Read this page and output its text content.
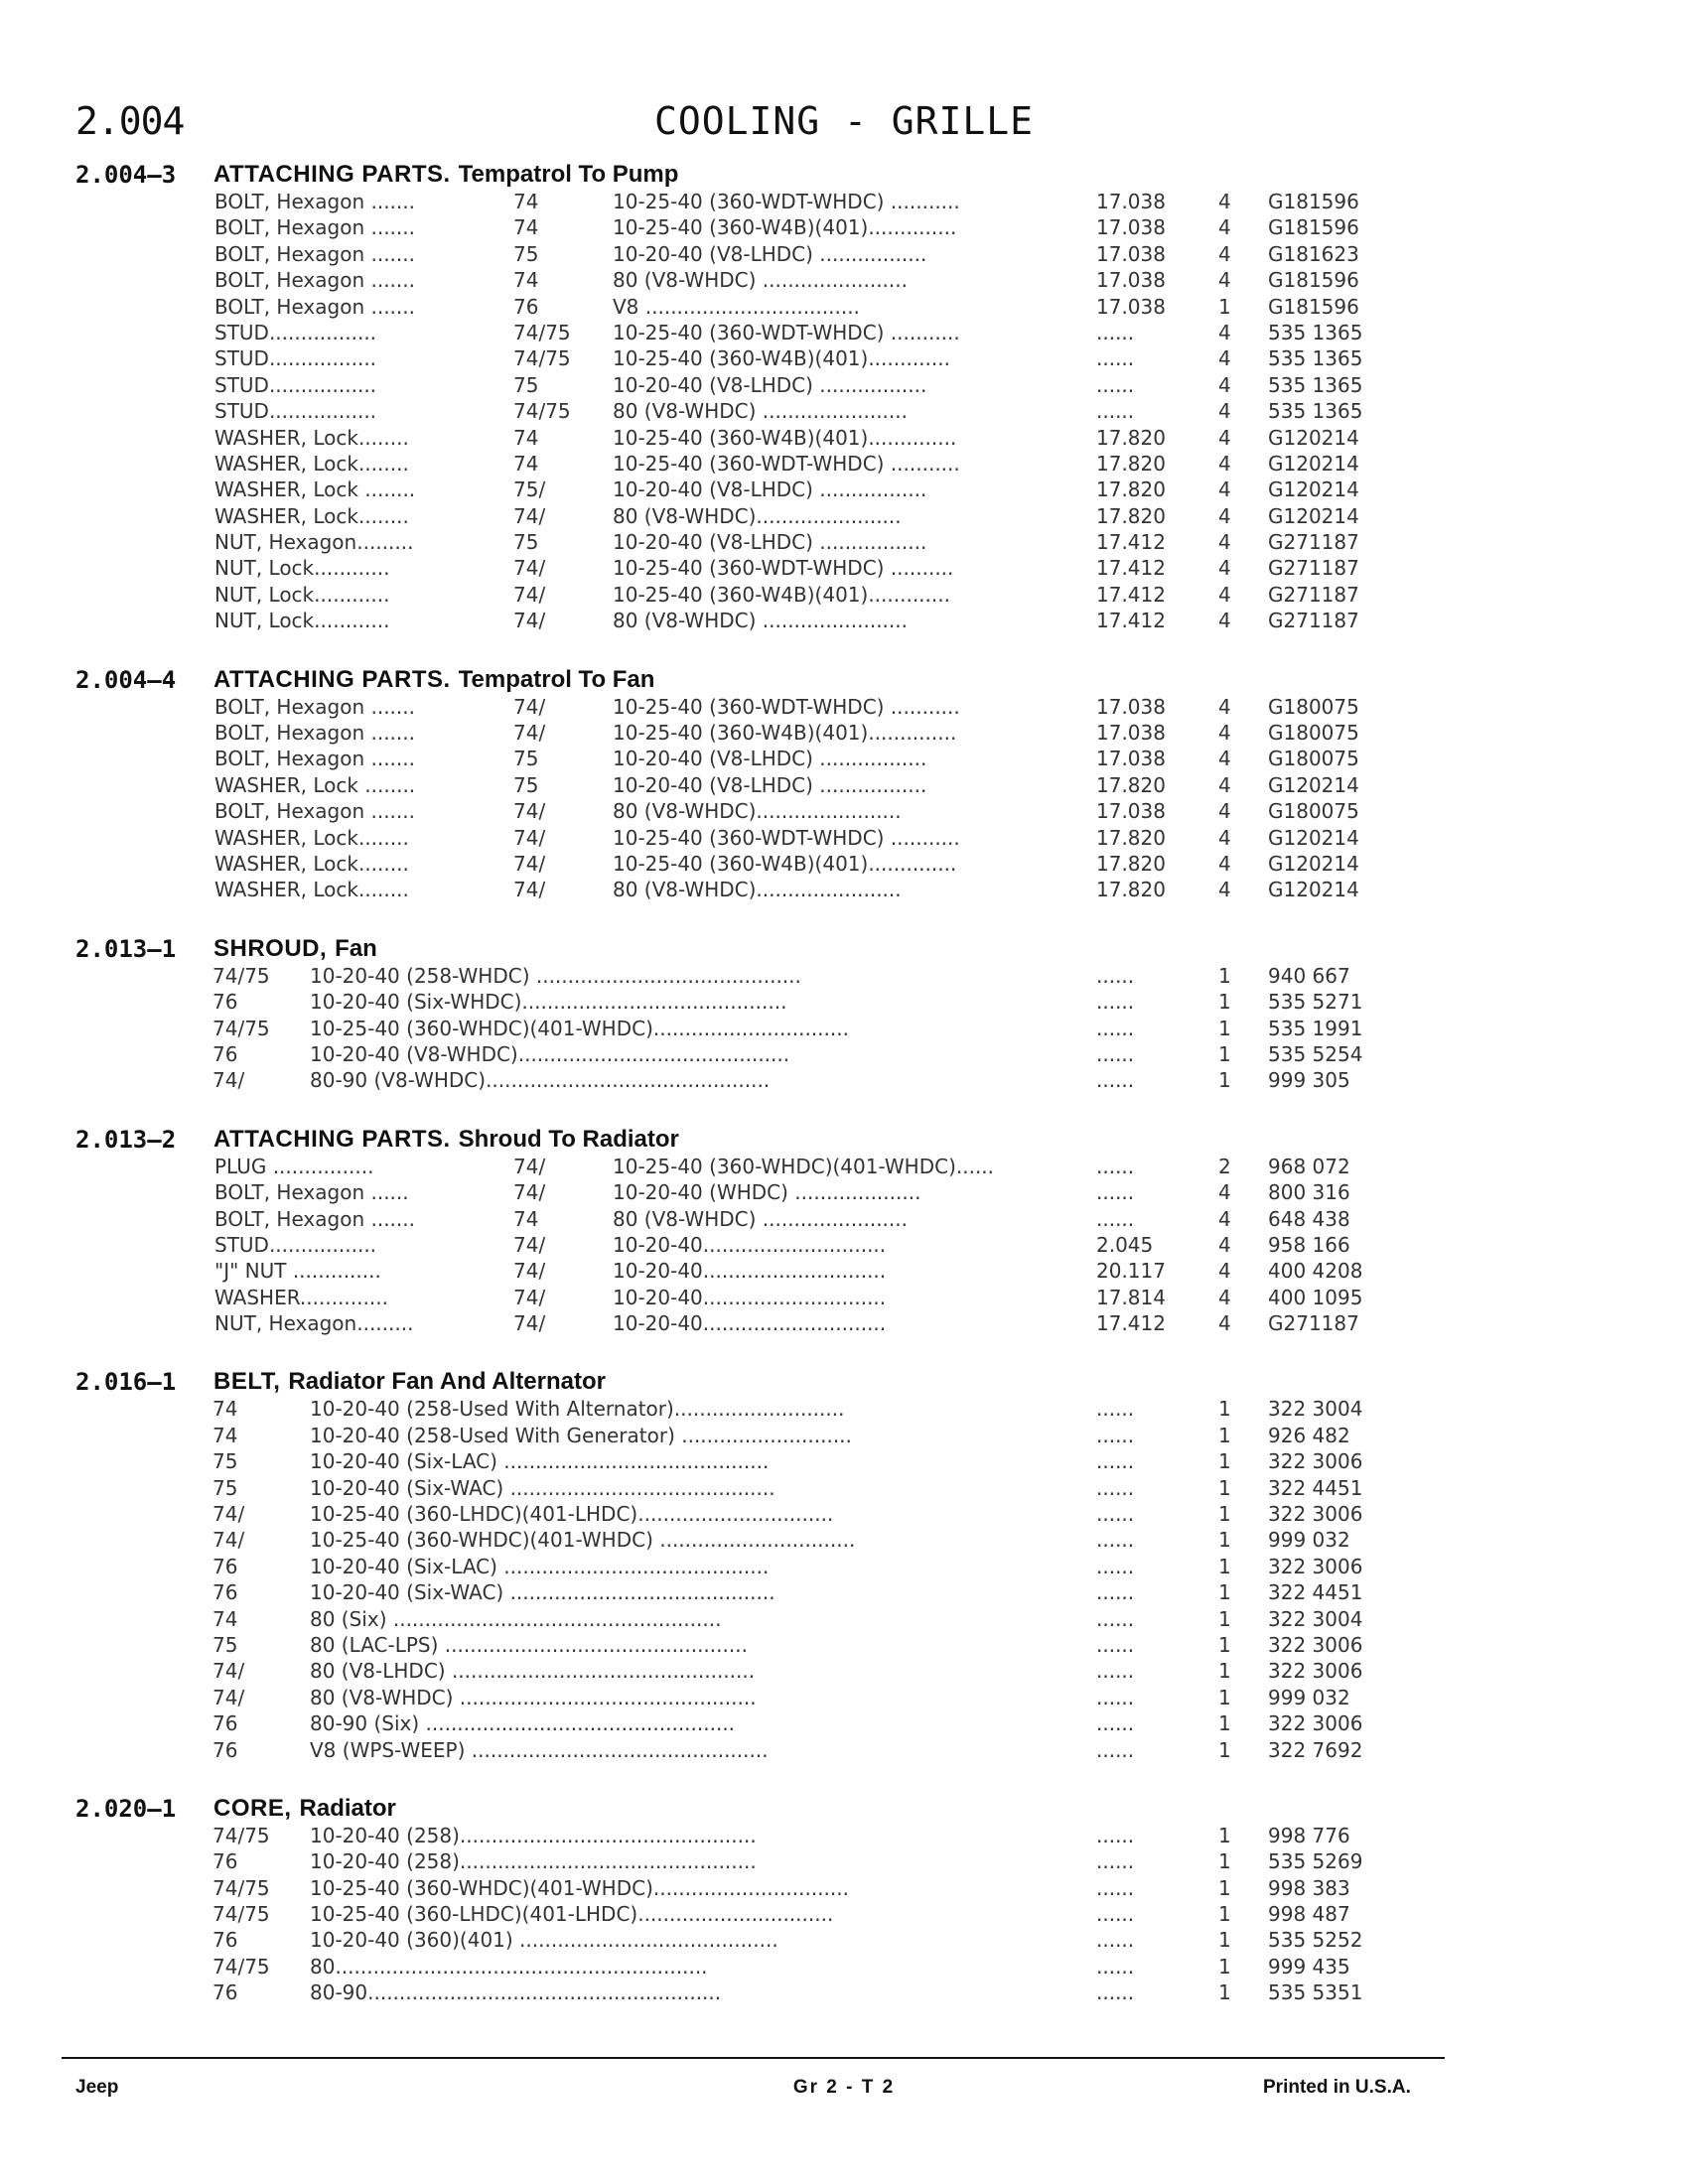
2.004	COOLING - GRILLE
2.004–3 ATTACHING PARTS. Tempatrol To Pump
BOLT, Hexagon .......	74	10-25-40 (360-WDT-WHDC) ...........	17.038	4 G181596
BOLT, Hexagon .......	74	10-25-40 (360-W4B)(401)..............	17.038	4 G181596
BOLT, Hexagon .......	75	10-20-40 (V8-LHDC) .................	17.038	4 G181623
BOLT, Hexagon .......	74	80 (V8-WHDC) .......................	17.038	4 G181596
BOLT, Hexagon .......	76	V8 ..................................	17.038	1 G181596
STUD.................	74/75 10-25-40 (360-WDT-WHDC) ...........	......	4 535 1365
STUD.................	74/75 10-25-40 (360-W4B)(401).............	......	4 535 1365
STUD.................	75	10-20-40 (V8-LHDC) .................	......	4 535 1365
STUD.................	74/75 80 (V8-WHDC) .......................	......	4 535 1365
WASHER, Lock........	74	10-25-40 (360-W4B)(401)..............	17.820	4 G120214
WASHER, Lock........	74	10-25-40 (360-WDT-WHDC) ...........	17.820	4 G120214
WASHER, Lock ........	75/	10-20-40 (V8-LHDC) .................	17.820	4 G120214
WASHER, Lock........	74/	80 (V8-WHDC).......................	17.820	4 G120214
NUT, Hexagon.........	75	10-20-40 (V8-LHDC) .................	17.412	4 G271187
NUT, Lock............	74/	10-25-40 (360-WDT-WHDC) ..........	17.412	4 G271187
NUT, Lock............	74/	10-25-40 (360-W4B)(401).............	17.412	4 G271187
NUT, Lock............	74/	80 (V8-WHDC) .......................	17.412	4 G271187
2.004–4 ATTACHING PARTS. Tempatrol To Fan
BOLT, Hexagon .......	74/	10-25-40 (360-WDT-WHDC) ...........	17.038	4 G180075
BOLT, Hexagon .......	74/	10-25-40 (360-W4B)(401)..............	17.038	4 G180075
BOLT, Hexagon .......	75	10-20-40 (V8-LHDC) .................	17.038	4 G180075
WASHER, Lock ........	75	10-20-40 (V8-LHDC) .................	17.820	4 G120214
BOLT, Hexagon .......	74/	80 (V8-WHDC).......................	17.038	4 G180075
WASHER, Lock........	74/	10-25-40 (360-WDT-WHDC) ...........	17.820	4 G120214
WASHER, Lock........	74/	10-25-40 (360-W4B)(401)..............	17.820	4 G120214
WASHER, Lock........	74/	80 (V8-WHDC).......................	17.820	4 G120214
2.013–1 SHROUD, Fan
74/75 10-20-40 (258-WHDC) ..........................................	......	1 940 667
76	10-20-40 (Six-WHDC)..........................................	......	1 535 5271
74/75 10-25-40 (360-WHDC)(401-WHDC)...............................	......	1 535 1991
76	10-20-40 (V8-WHDC)...........................................	......	1 535 5254
74/	80-90 (V8-WHDC).............................................	......	1 999 305
2.013–2 ATTACHING PARTS. Shroud To Radiator
PLUG ................	74/	10-25-40 (360-WHDC)(401-WHDC)......	......	2 968 072
BOLT, Hexagon ......	74/	10-20-40 (WHDC) ....................	......	4 800 316
BOLT, Hexagon .......	74	80 (V8-WHDC) .......................	......	4 648 438
STUD.................	74/	10-20-40.............................	2.045	4 958 166
"J" NUT ..............	74/	10-20-40.............................	20.117	4 400 4208
WASHER..............	74/	10-20-40.............................	17.814	4 400 1095
NUT, Hexagon.........	74/	10-20-40.............................	17.412	4 G271187
2.016–1 BELT, Radiator Fan And Alternator
74	10-20-40 (258-Used With Alternator)...........................	......	1 322 3004
74	10-20-40 (258-Used With Generator) ...........................	......	1 926 482
75	10-20-40 (Six-LAC) ..........................................	......	1 322 3006
75	10-20-40 (Six-WAC) ..........................................	......	1 322 4451
74/	10-25-40 (360-LHDC)(401-LHDC)...............................	......	1 322 3006
74/	10-25-40 (360-WHDC)(401-WHDC) ...............................	......	1 999 032
76	10-20-40 (Six-LAC) ..........................................	......	1 322 3006
76	10-20-40 (Six-WAC) ..........................................	......	1 322 4451
74	80 (Six) ....................................................	......	1 322 3004
75	80 (LAC-LPS) ................................................	......	1 322 3006
74/	80 (V8-LHDC) ................................................	......	1 322 3006
74/	80 (V8-WHDC) ...............................................	......	1 999 032
76	80-90 (Six) .................................................	......	1 322 3006
76	V8 (WPS-WEEP) ...............................................	......	1 322 7692
2.020–1 CORE, Radiator
74/75 10-20-40 (258)...............................................	......	1 998 776
76	10-20-40 (258)...............................................	......	1 535 5269
74/75 10-25-40 (360-WHDC)(401-WHDC)...............................	......	1 998 383
74/75 10-25-40 (360-LHDC)(401-LHDC)...............................	......	1 998 487
76	10-20-40 (360)(401) .........................................	......	1 535 5252
74/75 80...........................................................	......	1 999 435
76	80-90........................................................	......	1 535 5351
Jeep	Gr 2 - T 2	Printed in U.S.A.
